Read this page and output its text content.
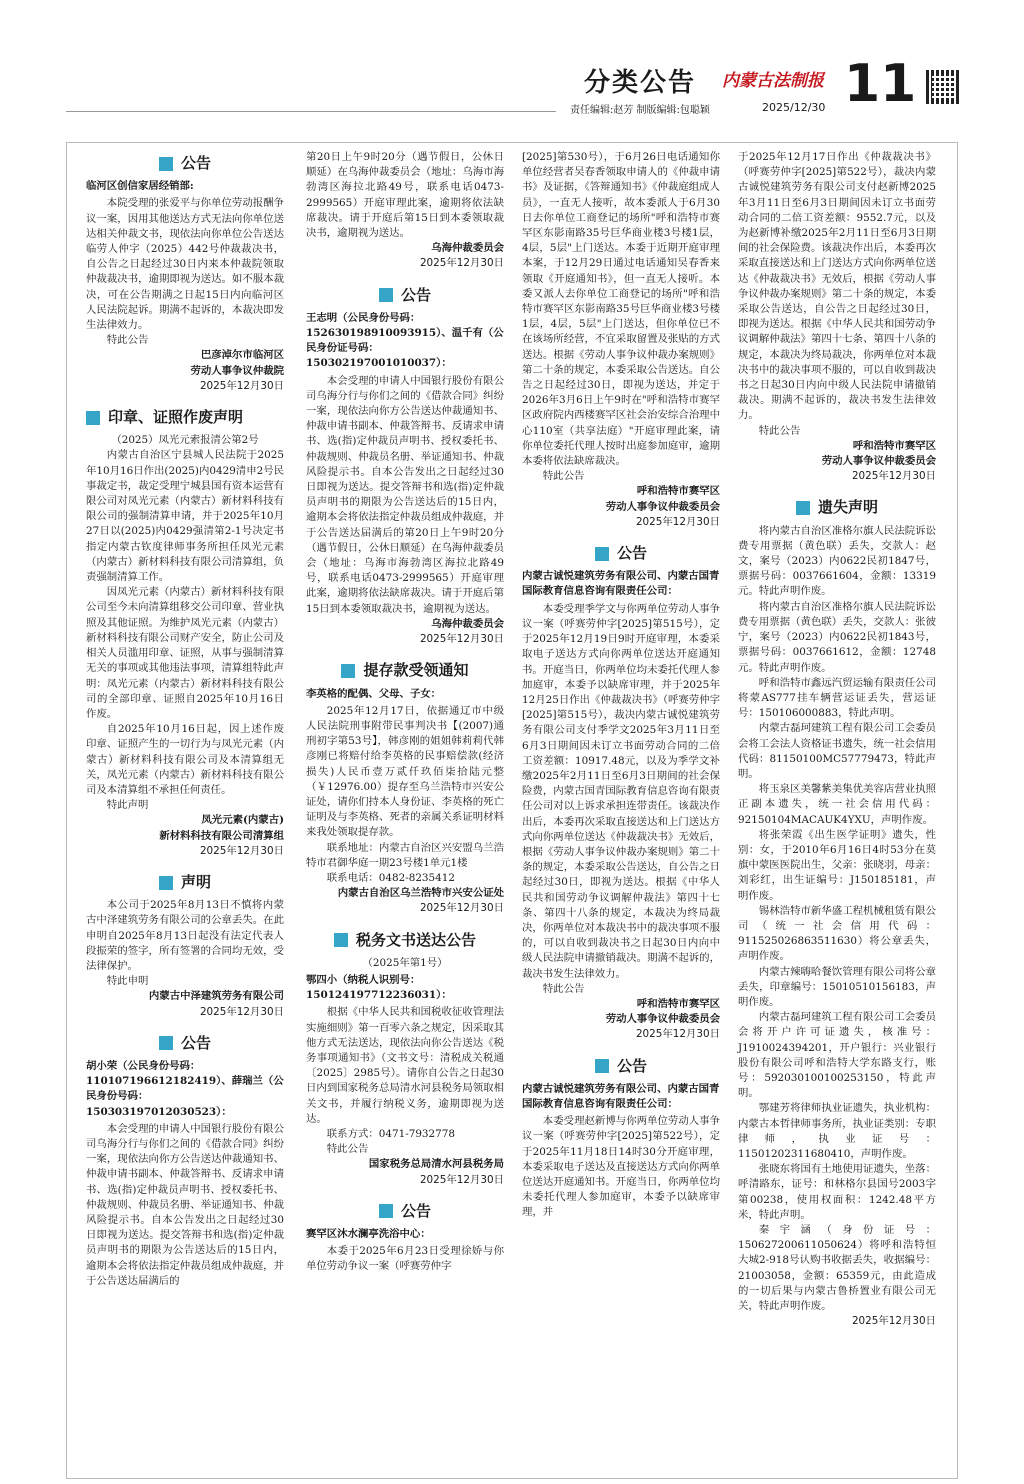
分类公告 内蒙古法制报 11
责任编辑:赵芳 制版编辑:包聪颖	2025/12/30
公告
临河区创信家居经销部:

本院受理的张爱平与你单位劳动报酬争议一案，因用其他送达方式无法向你单位送达相关仲裁文书，现依法向你单位公告送达临劳人仲字（2025）442号仲裁裁决书，自公告之日起经过30日内来本仲裁院领取仲裁裁决书，逾期即视为送达。如不服本裁决，可在公告期满之日起15日内向临河区人民法院起诉。期满不起诉的，本裁决即发生法律效力。

特此公告

巴彦淖尔市临河区
劳动人事争议仲裁院
2025年12月30日
印章、证照作废声明
（2025）凤光元索报清公第2号

内蒙古自治区宁县城人民法院于2025年10月16日作出(2025)内0429清申2号民事裁定书，裁定受理宁城县国有资本运营有限公司对凤光元素（内蒙古）新材料科技有限公司的强制清算申请，并于2025年10月27日以(2025)内0429强清第2-1号决定书指定内蒙古钦度律师事务所担任凤光元素（内蒙古）新材料科技有限公司清算组，负责强制清算工作。

因凤光元素（内蒙古）新材料科技有限公司至今未向清算组移交公司印章、营业执照及其他证照。为维护凤光元素（内蒙古）新材料科技有限公司财产安全，防止公司及相关人员滥用印章、证照，从事与强制清算无关的事项或其他违法事项，清算组特此声明：凤光元素（内蒙古）新材料科技有限公司的全部印章、证照自2025年10月16日作废。

自2025年10月16日起，因上述作废印章、证照产生的一切行为与凤光元素（内蒙古）新材料科技有限公司及本清算组无关，凤光元素（内蒙古）新材料科技有限公司及本清算组不承担任何责任。

特此声明

凤光元素(内蒙古)
新材料科技有限公司清算组
2025年12月30日
声明

本公司于2025年8月13日不慎将内蒙古中泽建筑劳务有限公司的公章丢失。在此申明自2025年8月13日起没有法定代表人段振荣的签字，所有签署的合同均无效，受法律保护。

特此申明

内蒙古中泽建筑劳务有限公司
2025年12月30日
公告
胡小荣（公民身份号码：110107196612182419）、薛瑞兰（公民身份号码：150303197012030523）：

本会受理的申请人中国银行股份有限公司乌海分行与你们之间的《借款合同》纠纷一案，现依法向你方公告送达仲裁通知书、仲裁申请书副本、仲裁答辩书、反请求申请书、选(指)定仲裁员声明书、授权委托书、仲裁规则、仲裁员名册、举证通知书、仲裁风险提示书。自本公告发出之日起经过30日即视为送达。提交答辩书和选(指)定仲裁员声明书的期限为公告送达后的15日内，逾期本会将依法指定仲裁员组成仲裁庭，并于公告送达届满后的

第20日上午9时20分（遇节假日，公休日顺延）在乌海仲裁委员会（地址：乌海市海勃湾区海拉北路49号，联系电话0473-2999565）开庭审理此案，逾期将依法缺席裁决。请于开庭后第15日到本委领取裁决书，逾期视为送达。

乌海仲裁委员会
2025年12月30日
公告
王志明（公民身份号码：152630198910093915）、温千有（公民身份证号码：150302197001010037）：

本会受理的申请人中国银行股份有限公司乌海分行与你们之间的《借款合同》纠纷一案，现依法向你方公告送达仲裁通知书、仲裁申请书副本、仲裁答辩书、反请求申请书、选(指)定仲裁员声明书、授权委托书、仲裁规则、仲裁员名册、举证通知书、仲裁风险提示书。自本公告发出之日起经过30日即视为送达。提交答辩书和选(指)定仲裁员声明书的期限为公告送达后的15日内，逾期本会将依法指定仲裁员组成仲裁庭，并于公告送达届满后的第20日上午9时20分（遇节假日，公休日顺延）在乌海仲裁委员会（地址：乌海市海勃湾区海拉北路49号，联系电话0473-2999565）开庭审理此案，逾期将依法缺席裁决。请于开庭后第15日到本委领取裁决书，逾期视为送达。

乌海仲裁委员会
2025年12月30日
提存款受领通知
李英格的配偶、父母、子女：

2025年12月17日，依据通辽市中级人民法院刑事附带民事判决书【(2007)通刑初字第53号】，韩彦刚的姐姐韩莉莉代韩彦刚已将赔付给李英格的民事赔偿款(经济损失)人民币壹万贰仟玖佰柒拾陆元整（￥12976.00）提存至乌兰浩特市兴安公证处，请你们持本人身份证、李英格的死亡证明及与李英格、死者的亲属关系证明材料来我处领取提存款。

联系地址：内蒙古自治区兴安盟乌兰浩特市君御华庭一期23号楼1单元1楼

联系电话：0482-8235412

内蒙古自治区乌兰浩特市兴安公证处
2025年12月30日
税务文书送达公告
（2025年第1号）
鄂四小（纳税人识别号：150124197712236031）：

根据《中华人民共和国税收征收管理法实施细则》第一百零六条之规定，因采取其他方式无法送达，现依法向你公告送达《税务事项通知书》（文书文号：清税成关税通〔2025〕2985号）。请你自公告之日起30日内到国家税务总局清水河县税务局领取相关文书，并履行纳税义务，逾期即视为送达。

联系方式：0471-7932778

特此公告

国家税务总局清水河县税务局
2025年12月30日
公告
赛罕区沐水澜亭洗浴中心：

本委于2025年6月23日受理徐娇与你单位劳动争议一案（呼赛劳仲字

[2025]第530号），于6月26日电话通知你单位经营者吴春香领取申请人的《仲裁申请书》及证据，《答辩通知书》《仲裁庭组成人员》，一直无人接听，故本委派人于6月30日去你单位工商登记的场所"呼和浩特市赛罕区东影南路35号巨华商业楼3号楼1层，4层，5层"上门送达。本委于近期开庭审理本案，于12月29日通过电话通知吴春香来领取《开庭通知书》，但一直无人接听。本委又派人去你单位工商登记的场所"呼和浩特市赛罕区东影南路35号巨华商业楼3号楼1层，4层，5层"上门送达，但你单位已不在该场所经营，不宜采取留置及张贴的方式送达。根据《劳动人事争议仲裁办案规则》第二十条的规定，本委采取公告送达。自公告之日起经过30日，即视为送达，并定于2026年3月6日上午9时在"呼和浩特市赛罕区政府院内西楼赛罕区社会治安综合治理中心110室（共享法庭）"开庭审理此案，请你单位委托代理人按时出庭参加庭审，逾期本委将依法缺席裁决。

特此公告

呼和浩特市赛罕区
劳动人事争议仲裁委员会
2025年12月30日
公告
内蒙古诚悦建筑劳务有限公司、内蒙古国青国际教育信息咨询有限责任公司：

本委受理季学文与你两单位劳动人事争议一案（呼赛劳仲字[2025]第515号），定于2025年12月19日9时开庭审理，本委采取电子送达方式向你两单位送达开庭通知书。开庭当日，你两单位均未委托代理人参加庭审，本委予以缺席审理，并于2025年12月25日作出《仲裁裁决书》（呼赛劳仲字[2025]第515号），裁决内蒙古诚悦建筑劳务有限公司支付季学文2025年3月11日至6月3日期间因未订立书面劳动合同的二倍工资差额：10917.48元，以及为季学文补缴2025年2月11日至6月3日期间的社会保险费，内蒙古国青国际教育信息咨询有限责任公司对以上诉求承担连带责任。该裁决作出后，本委再次采取直接送达和上门送达方式向你两单位送达《仲裁裁决书》无效后，根据《劳动人事争议仲裁办案规则》第二十条的规定，本委采取公告送达，自公告之日起经过30日，即视为送达。根据《中华人民共和国劳动争议调解仲裁法》第四十七条、第四十八条的规定，本裁决为终局裁决，你两单位对本裁决书中的裁决事项不服的，可以自收到裁决书之日起30日内向中级人民法院申请撤销裁决。期满不起诉的，裁决书发生法律效力。

特此公告

呼和浩特市赛罕区
劳动人事争议仲裁委员会
2025年12月30日
公告
内蒙古诚悦建筑劳务有限公司、内蒙古国青国际教育信息咨询有限责任公司：

本委受理赵新博与你两单位劳动人事争议一案（呼赛劳仲字[2025]第522号），定于2025年11月18日14时30分开庭审理，本委采取电子送达及直接送达方式向你两单位送达开庭通知书。开庭当日，你两单位均未委托代理人参加庭审，本委予以缺席审理，并

于2025年12月17日作出《仲裁裁决书》（呼赛劳仲字[2025]第522号），裁决内蒙古诚悦建筑劳务有限公司支付赵新博2025年3月11日至6月3日期间因未订立书面劳动合同的二倍工资差额：9552.7元，以及为赵新博补缴2025年2月11日至6月3日期间的社会保险费。该裁决作出后，本委再次采取直接送达和上门送达方式向你两单位送达《仲裁裁决书》无效后，根据《劳动人事争议仲裁办案规则》第二十条的规定，本委采取公告送达，自公告之日起经过30日，即视为送达。根据《中华人民共和国劳动争议调解仲裁法》第四十七条、第四十八条的规定，本裁决为终局裁决，你两单位对本裁决书中的裁决事项不服的，可以自收到裁决书之日起30日内向中级人民法院申请撤销裁决。期满不起诉的，裁决书发生法律效力。

特此公告

呼和浩特市赛罕区
劳动人事争议仲裁委员会
2025年12月30日
遗失声明

将内蒙古自治区准格尔旗人民法院诉讼费专用票据（黄色联）丢失，交款人：赵文，案号（2023）内0622民初1847号，票据号码：0037661604，金额：13319元。特此声明作废。

将内蒙古自治区准格尔旗人民法院诉讼费专用票据（黄色联）丢失，交款人：张彼宁，案号（2023）内0622民初1843号，票据号码：0037661612，金额：12748元。特此声明作废。

呼和浩特市鑫远汽贸运输有限责任公司将蒙AS777挂车辆营运证丢失，营运证号：150106000883，特此声明。

内蒙古磊珂建筑工程有限公司工会委员会将工会法人资格证书遗失，统一社会信用代码：81150100MC57779473，特此声明。

将玉泉区美馨紫美集优美容店营业执照正副本遗失，统一社会信用代码：92150104MACAUK4YXU，声明作废。

将张荣霞《出生医学证明》遗失，性别：女，于2010年6月16日4时53分在莫旗中蒙医医院出生，父亲：张晓羽，母亲：刘彩红，出生证编号：J150185181，声明作废。

锡林浩特市新华盛工程机械租赁有限公司（统一社会信用代码：911525026863511630）将公章丢失，声明作废。

内蒙古辣嗨哈餐饮管理有限公司将公章丢失，印章编号：15010510156183，声明作废。

内蒙古磊珂建筑工程有限公司工会委员会将开户许可证遗失，核准号：J1910024394201，开户银行：兴业银行股份有限公司呼和浩特大学东路支行，账号：592030100100253150，特此声明。

鄂建芳将律师执业证遗失，执业机构：内蒙古本哲律师事务所，执业证类别：专职律师，执业证号：11501202311680410，声明作废。

张晓东将国有土地使用证遗失，坐落：呼清路东，证号：和林格尔县国号2003字第00238，使用权面积：1242.48平方米，特此声明。

秦宇涵（身份证号：150627200611050624）将呼和浩特恒大城2-918号认购书收据丢失，收据编号：21003058，金额：65359元，由此造成的一切后果与内蒙古鲁桥置业有限公司无关，特此声明作废。

2025年12月30日
